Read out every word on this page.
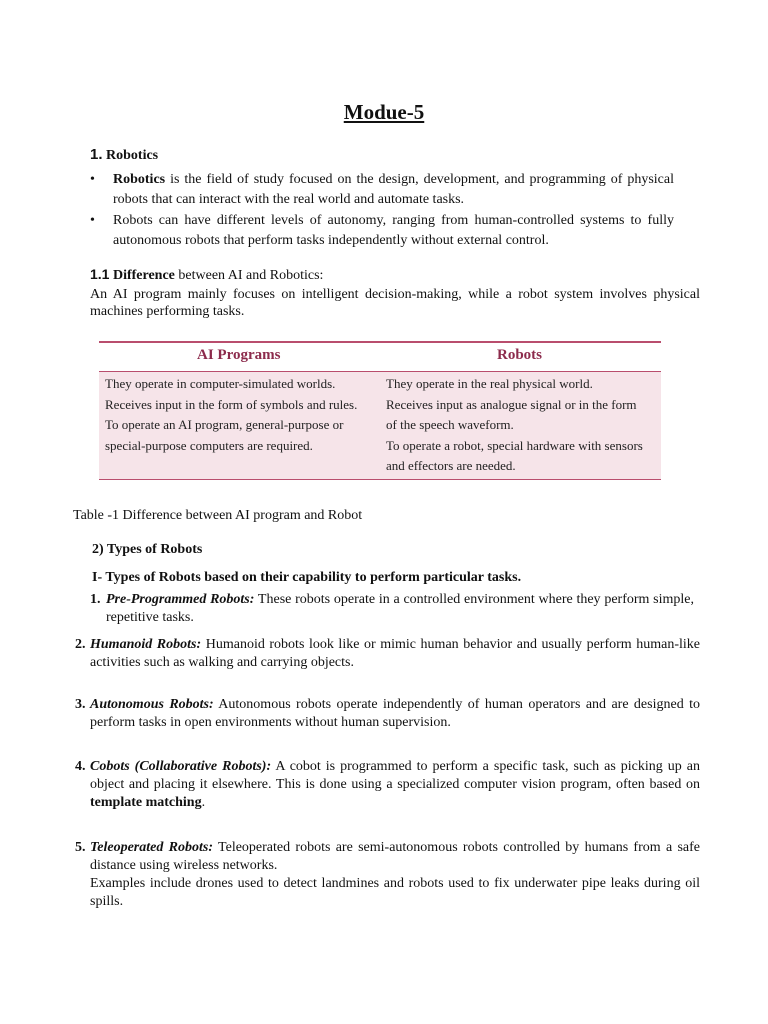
Modue-5
1. Robotics
• Robotics is the field of study focused on the design, development, and programming of physical robots that can interact with the real world and automate tasks.
• Robots can have different levels of autonomy, ranging from human-controlled systems to fully autonomous robots that perform tasks independently without external control.
1.1 Difference between AI and Robotics:
An AI program mainly focuses on intelligent decision-making, while a robot system involves physical machines performing tasks.
AI Programs	Robots
They operate in computer-simulated worlds.
Receives input in the form of symbols and rules.
To operate an AI program, general-purpose or
special-purpose computers are required.
They operate in the real physical world.
Receives input as analogue signal or in the form
of the speech waveform.
To operate a robot, special hardware with sensors
and effectors are needed.
Table -1 Difference between AI program and Robot
2) Types of Robots
I- Types of Robots based on their capability to perform particular tasks.
1. Pre-Programmed Robots: These robots operate in a controlled environment where they perform simple, repetitive tasks.
2. Humanoid Robots: Humanoid robots look like or mimic human behavior and usually perform human-like activities such as walking and carrying objects.
3. Autonomous Robots: Autonomous robots operate independently of human operators and are designed to perform tasks in open environments without human supervision.
4. Cobots (Collaborative Robots): A cobot is programmed to perform a specific task, such as picking up an object and placing it elsewhere. This is done using a specialized computer vision program, often based on template matching.
5. Teleoperated Robots: Teleoperated robots are semi-autonomous robots controlled by humans from a safe distance using wireless networks.
Examples include drones used to detect landmines and robots used to fix underwater pipe leaks during oil spills.
